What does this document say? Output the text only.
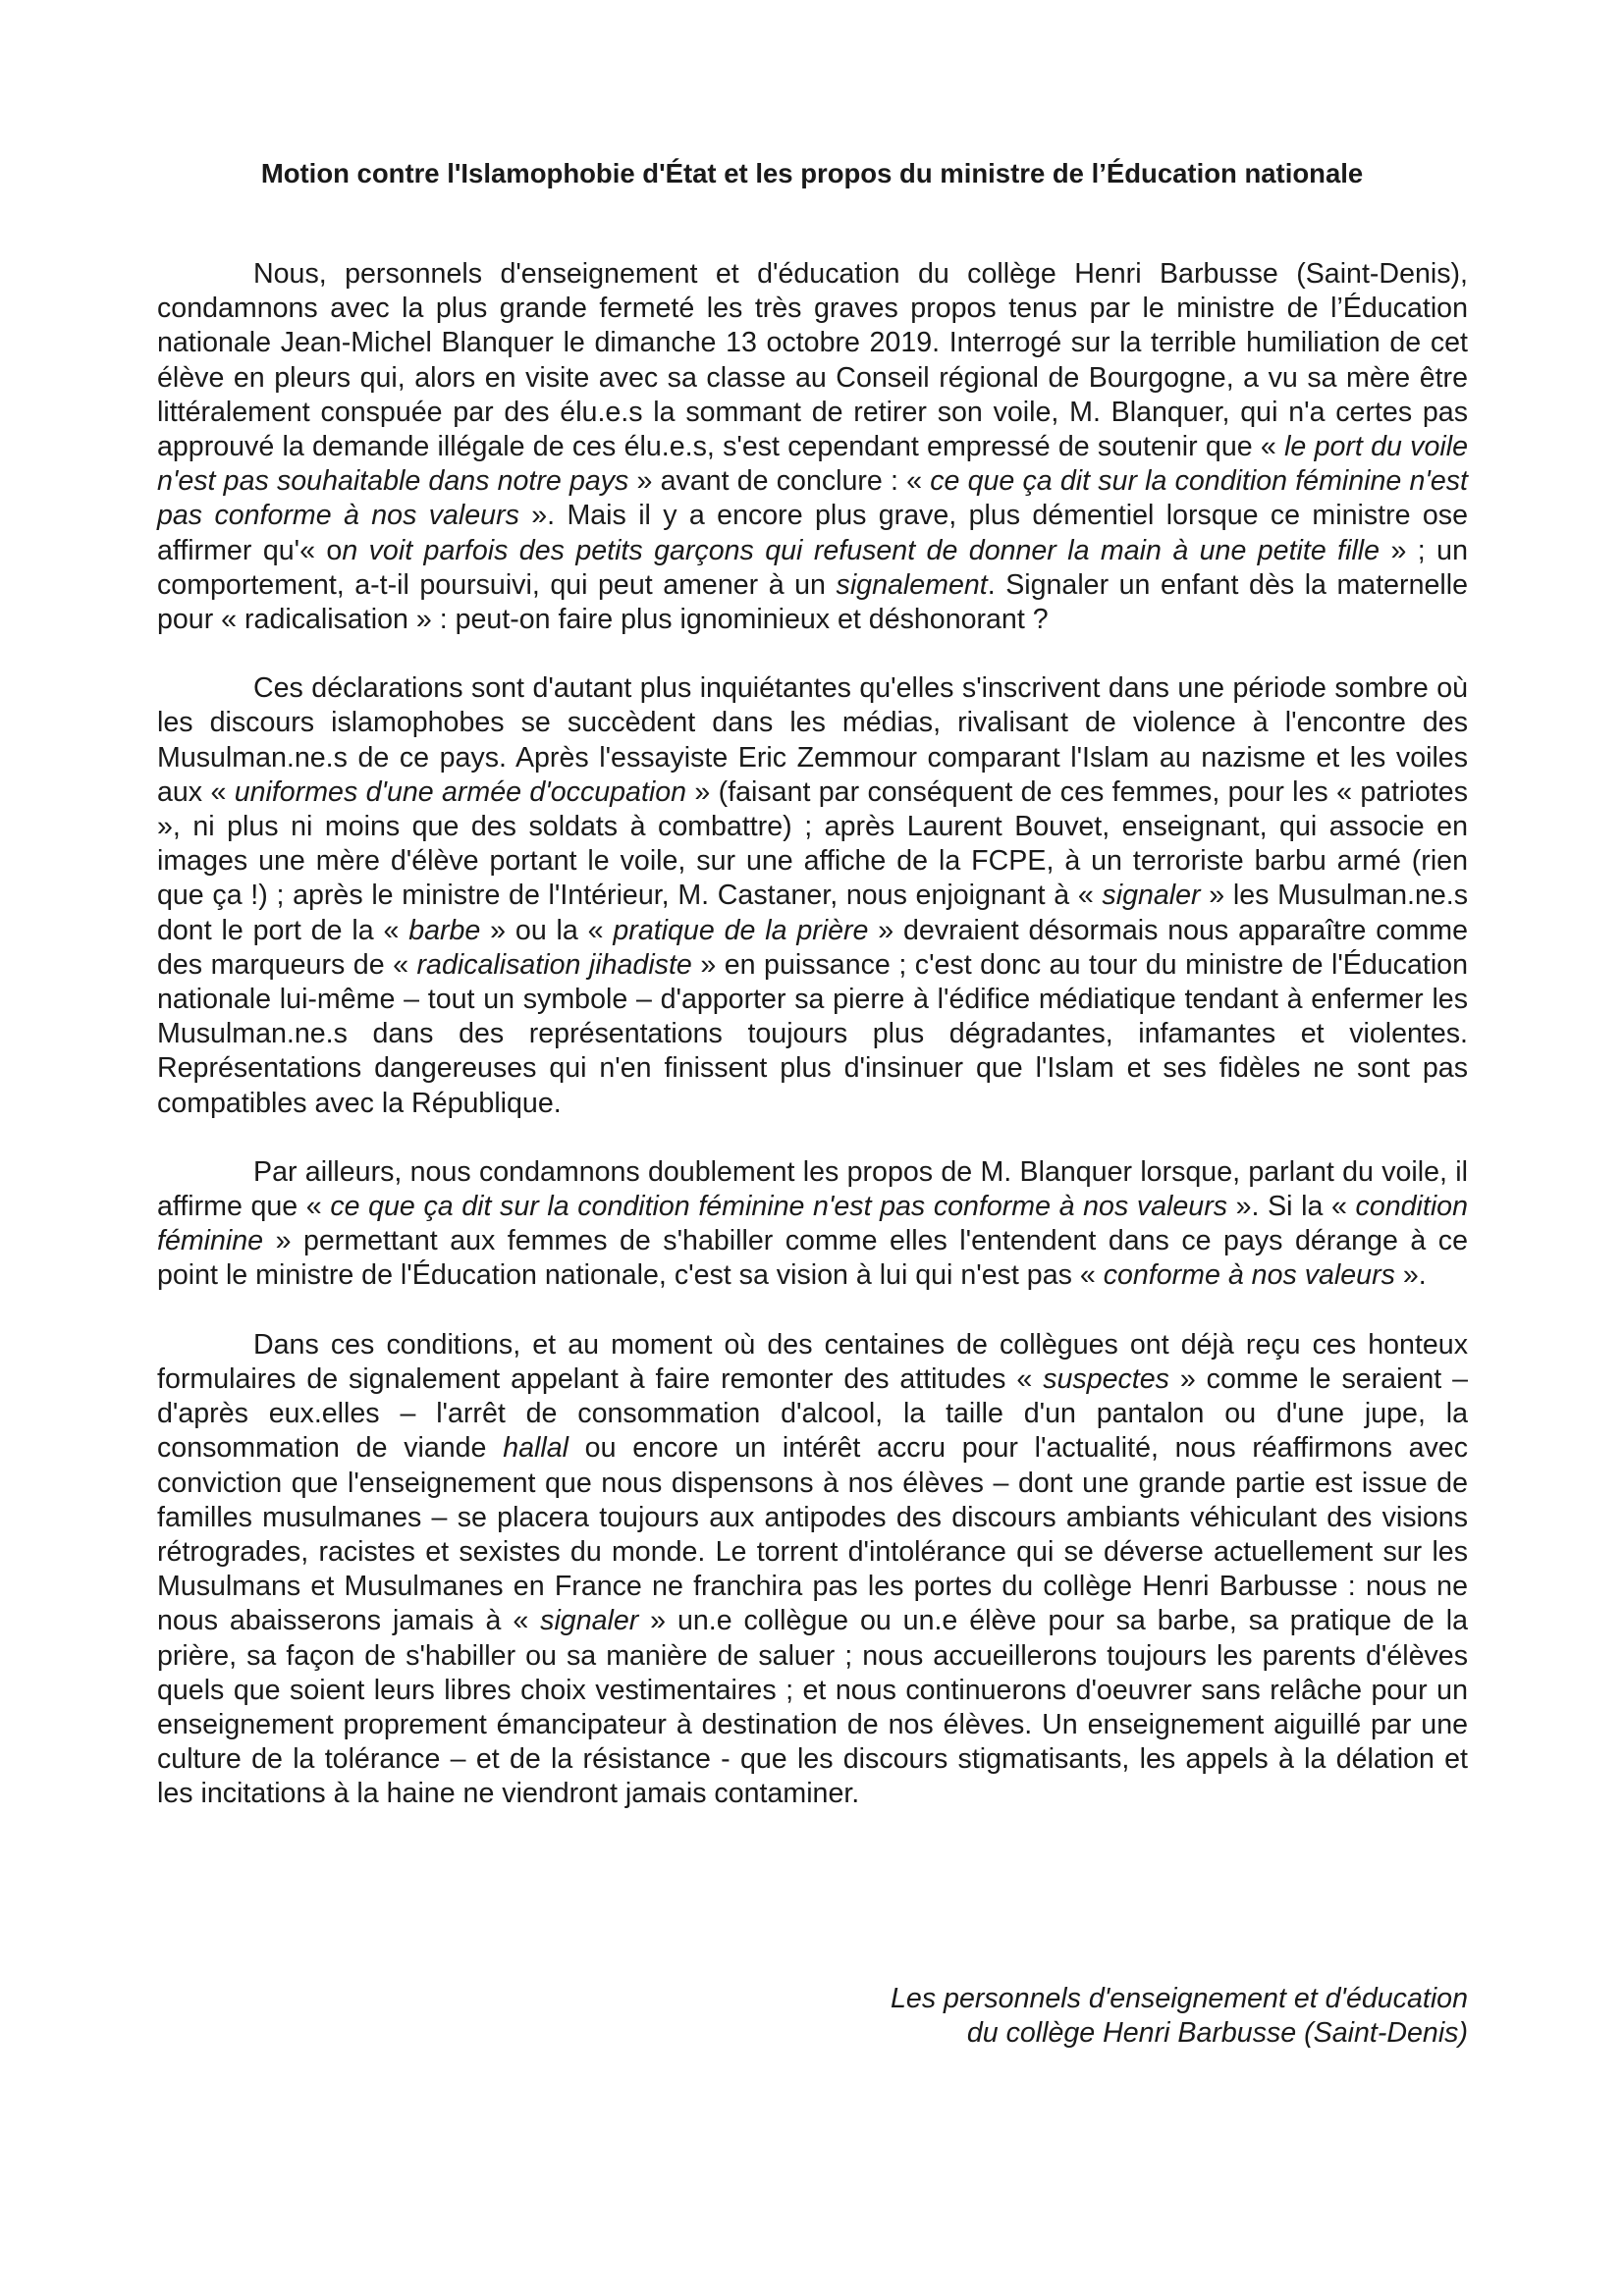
Motion contre l'Islamophobie d'État et les propos du ministre de l’Éducation nationale

Nous, personnels d'enseignement et d'éducation du collège Henri Barbusse (Saint-Denis), condamnons avec la plus grande fermeté les très graves propos tenus par le ministre de l’Éducation nationale Jean-Michel Blanquer le dimanche 13 octobre 2019. Interrogé sur la terrible humiliation de cet élève en pleurs qui, alors en visite avec sa classe au Conseil régional de Bourgogne, a vu sa mère être littéralement conspuée par des élu.e.s la sommant de retirer son voile, M. Blanquer, qui n'a certes pas approuvé la demande illégale de ces élu.e.s, s'est cependant empressé de soutenir que « le port du voile n'est pas souhaitable dans notre pays » avant de conclure : « ce que ça dit sur la condition féminine n'est pas conforme à nos valeurs ». Mais il y a encore plus grave, plus démentiel lorsque ce ministre ose affirmer qu'« on voit parfois des petits garçons qui refusent de donner la main à une petite fille » ; un comportement, a-t-il poursuivi, qui peut amener à un signalement. Signaler un enfant dès la maternelle pour « radicalisation » : peut-on faire plus ignominieux et déshonorant ?

Ces déclarations sont d'autant plus inquiétantes qu'elles s'inscrivent dans une période sombre où les discours islamophobes se succèdent dans les médias, rivalisant de violence à l'encontre des Musulman.ne.s de ce pays. Après l'essayiste Eric Zemmour comparant l'Islam au nazisme et les voiles aux « uniformes d'une armée d'occupation » (faisant par conséquent de ces femmes, pour les « patriotes », ni plus ni moins que des soldats à combattre) ; après Laurent Bouvet, enseignant, qui associe en images une mère d'élève portant le voile, sur une affiche de la FCPE, à un terroriste barbu armé (rien que ça !) ; après le ministre de l'Intérieur, M. Castaner, nous enjoignant à « signaler » les Musulman.ne.s dont le port de la « barbe » ou la « pratique de la prière » devraient désormais nous apparaître comme des marqueurs de « radicalisation jihadiste » en puissance ; c'est donc au tour du ministre de l'Éducation nationale lui-même – tout un symbole – d'apporter sa pierre à l'édifice médiatique tendant à enfermer les Musulman.ne.s dans des représentations toujours plus dégradantes, infamantes et violentes. Représentations dangereuses qui n'en finissent plus d'insinuer que l'Islam et ses fidèles ne sont pas compatibles avec la République.

Par ailleurs, nous condamnons doublement les propos de M. Blanquer lorsque, parlant du voile, il affirme que « ce que ça dit sur la condition féminine n'est pas conforme à nos valeurs ». Si la « condition féminine » permettant aux femmes de s'habiller comme elles l'entendent dans ce pays dérange à ce point le ministre de l'Éducation nationale, c'est sa vision à lui qui n'est pas « conforme à nos valeurs ».

Dans ces conditions, et au moment où des centaines de collègues ont déjà reçu ces honteux formulaires de signalement appelant à faire remonter des attitudes « suspectes » comme le seraient – d'après eux.elles – l'arrêt de consommation d'alcool, la taille d'un pantalon ou d'une jupe, la consommation de viande hallal ou encore un intérêt accru pour l'actualité, nous réaffirmons avec conviction que l'enseignement que nous dispensons à nos élèves – dont une grande partie est issue de familles musulmanes – se placera toujours aux antipodes des discours ambiants véhiculant des visions rétrogrades, racistes et sexistes du monde. Le torrent d'intolérance qui se déverse actuellement sur les Musulmans et Musulmanes en France ne franchira pas les portes du collège Henri Barbusse : nous ne nous abaisserons jamais à « signaler » un.e collègue ou un.e élève pour sa barbe, sa pratique de la prière, sa façon de s'habiller ou sa manière de saluer ; nous accueillerons toujours les parents d'élèves quels que soient leurs libres choix vestimentaires ; et nous continuerons d'oeuvrer sans relâche pour un enseignement proprement émancipateur à destination de nos élèves. Un enseignement aiguillé par une culture de la tolérance – et de la résistance - que les discours stigmatisants, les appels à la délation et les incitations à la haine ne viendront jamais contaminer.

Les personnels d'enseignement et d'éducation
du collège Henri Barbusse (Saint-Denis)
